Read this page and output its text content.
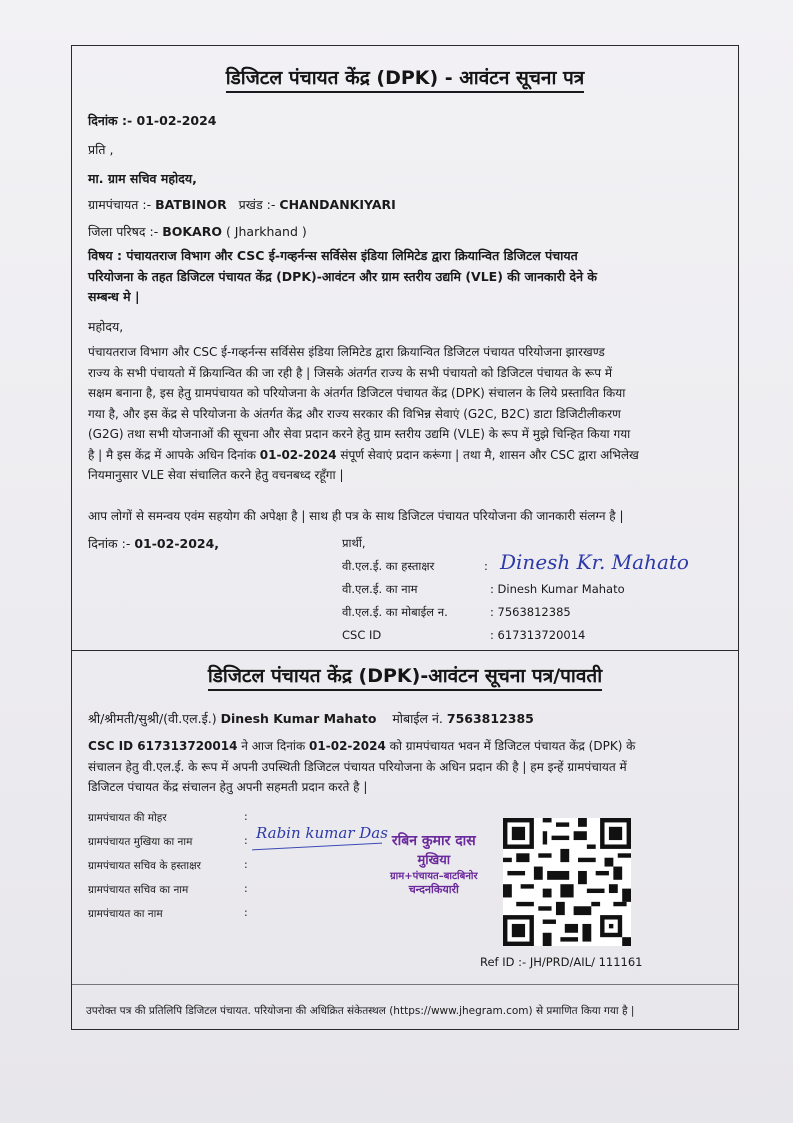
डिजिटल पंचायत केंद्र (DPK) - आवंटन सूचना पत्र
दिनांक :- 01-02-2024
प्रति ,
मा. ग्राम सचिव महोदय,
ग्रामपंचायत :- BATBINOR प्रखंड :- CHANDANKIYARI
जिला परिषद :- BOKARO ( Jharkhand )
विषय : पंचायतराज विभाग और CSC ई-गव्हर्नन्स सर्विसेस इंडिया लिमिटेड द्वारा क्रियान्वित डिजिटल पंचायत
परियोजना के तहत डिजिटल पंचायत केंद्र (DPK)-आवंटन और ग्राम स्तरीय उद्यमि (VLE) की जानकारी देने के
सम्बन्ध मे |
महोदय,
पंचायतराज विभाग और CSC ई-गव्हर्नन्स सर्विसेस इंडिया लिमिटेड द्वारा क्रियान्वित डिजिटल पंचायत परियोजना झारखण्ड
राज्य के सभी पंचायतो में क्रियान्वित की जा रही है | जिसके अंतर्गत राज्य के सभी पंचायतो को डिजिटल पंचायत के रूप में
सक्षम बनाना है, इस हेतु ग्रामपंचायत को परियोजना के अंतर्गत डिजिटल पंचायत केंद्र (DPK) संचालन के लिये प्रस्तावित किया
गया है, और इस केंद्र से परियोजना के अंतर्गत केंद्र और राज्य सरकार की विभिन्न सेवाएं (G2C, B2C) डाटा डिजिटीलीकरण
(G2G) तथा सभी योजनाओं की सूचना और सेवा प्रदान करने हेतु ग्राम स्तरीय उद्यमि (VLE) के रूप में मुझे चिन्हित किया गया
है | मै इस केंद्र में आपके अधिन दिनांक 01-02-2024 संपूर्ण सेवाएं प्रदान करूंगा | तथा मै, शासन और CSC द्वारा अभिलेख
नियमानुसार VLE सेवा संचालित करने हेतु वचनबध्द रहूँगा |
आप लोगों से समन्वय एवंम सहयोग की अपेक्षा है | साथ ही पत्र के साथ डिजिटल पंचायत परियोजना की जानकारी संलग्न है |
दिनांक :- 01-02-2024,	प्रार्थी,
वी.एल.ई. का हस्ताक्षर	: Dinesh Kr. Mahato
वी.एल.ई. का नाम	: Dinesh Kumar Mahato
वी.एल.ई. का मोबाईल न.	: 7563812385
CSC ID	: 617313720014
डिजिटल पंचायत केंद्र (DPK)-आवंटन सूचना पत्र/पावती
श्री/श्रीमती/सुश्री/(वी.एल.ई.) Dinesh Kumar Mahato मोबाईल नं. 7563812385
CSC ID 617313720014 ने आज दिनांक 01-02-2024 को ग्रामपंचायत भवन में डिजिटल पंचायत केंद्र (DPK) के
संचालन हेतु वी.एल.ई. के रूप में अपनी उपस्थिती डिजिटल पंचायत परियोजना के अधिन प्रदान की है | हम इन्हें ग्रामपंचायत में
डिजिटल पंचायत केंद्र संचालन हेतु अपनी सहमती प्रदान करते है |
ग्रामपंचायत की मोहर	:
ग्रामपंचायत मुखिया का नाम	:
ग्रामपंचायत सचिव के हस्ताक्षर	:
ग्रामपंचायत सचिव का नाम	:
ग्रामपंचायत का नाम	:
Rabin kumar Das रबिन कुमार दास
मुखिया
ग्राम+पंचायत–बाटबिनोर
चन्दनकियारी
Ref ID :- JH/PRD/AIL/ 111161
उपरोक्त पत्र की प्रतिलिपि डिजिटल पंचायत. परियोजना की अधिक्रित संकेतस्थल (https://www.jhegram.com) से प्रमाणित किया गया है |
